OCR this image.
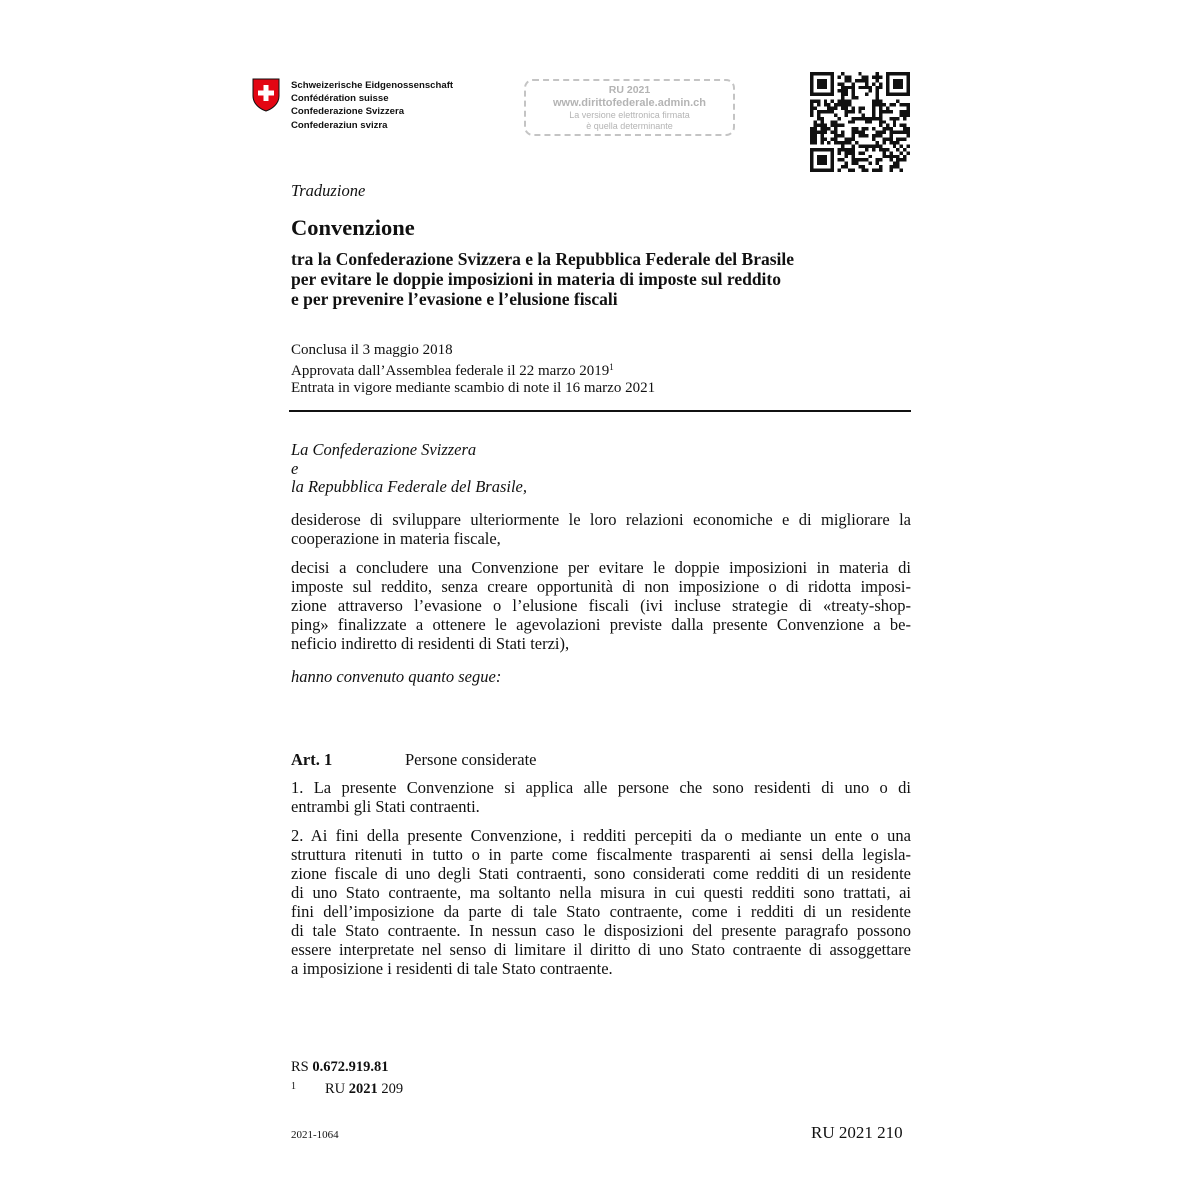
Schweizerische Eidgenossenschaft
Confédération suisse
Confederazione Svizzera
Confederaziun svizra
RU 2021
www.dirittofederale.admin.ch
La versione elettronica firmata
è quella determinante
Traduzione
Convenzione
tra la Confederazione Svizzera e la Repubblica Federale del Brasile
per evitare le doppie imposizioni in materia di imposte sul reddito
e per prevenire l’evasione e l’elusione fiscali
Conclusa il 3 maggio 2018
Approvata dall’Assemblea federale il 22 marzo 2019$^1$
Entrata in vigore mediante scambio di note il 16 marzo 2021
La Confederazione Svizzera
e
la Repubblica Federale del Brasile,
desiderose di sviluppare ulteriormente le loro relazioni economiche e di migliorare la
cooperazione in materia fiscale,
decisi a concludere una Convenzione per evitare le doppie imposizioni in materia di
imposte sul reddito, senza creare opportunità di non imposizione o di ridotta imposi-
zione attraverso l’evasione o l’elusione fiscali (ivi incluse strategie di «treaty-shop-
ping» finalizzate a ottenere le agevolazioni previste dalla presente Convenzione a be-
neficio indiretto di residenti di Stati terzi),
hanno convenuto quanto segue:
Art. 1	Persone considerate
1. La presente Convenzione si applica alle persone che sono residenti di uno o di
entrambi gli Stati contraenti.
2. Ai fini della presente Convenzione, i redditi percepiti da o mediante un ente o una
struttura ritenuti in tutto o in parte come fiscalmente trasparenti ai sensi della legisla-
zione fiscale di uno degli Stati contraenti, sono considerati come redditi di un residente
di uno Stato contraente, ma soltanto nella misura in cui questi redditi sono trattati, ai
fini dell’imposizione da parte di tale Stato contraente, come i redditi di un residente
di tale Stato contraente. In nessun caso le disposizioni del presente paragrafo possono
essere interpretate nel senso di limitare il diritto di uno Stato contraente di assoggettare
a imposizione i residenti di tale Stato contraente.
RS 0.672.919.81
1 RU 2021 209
2021-1064	RU 2021 210
